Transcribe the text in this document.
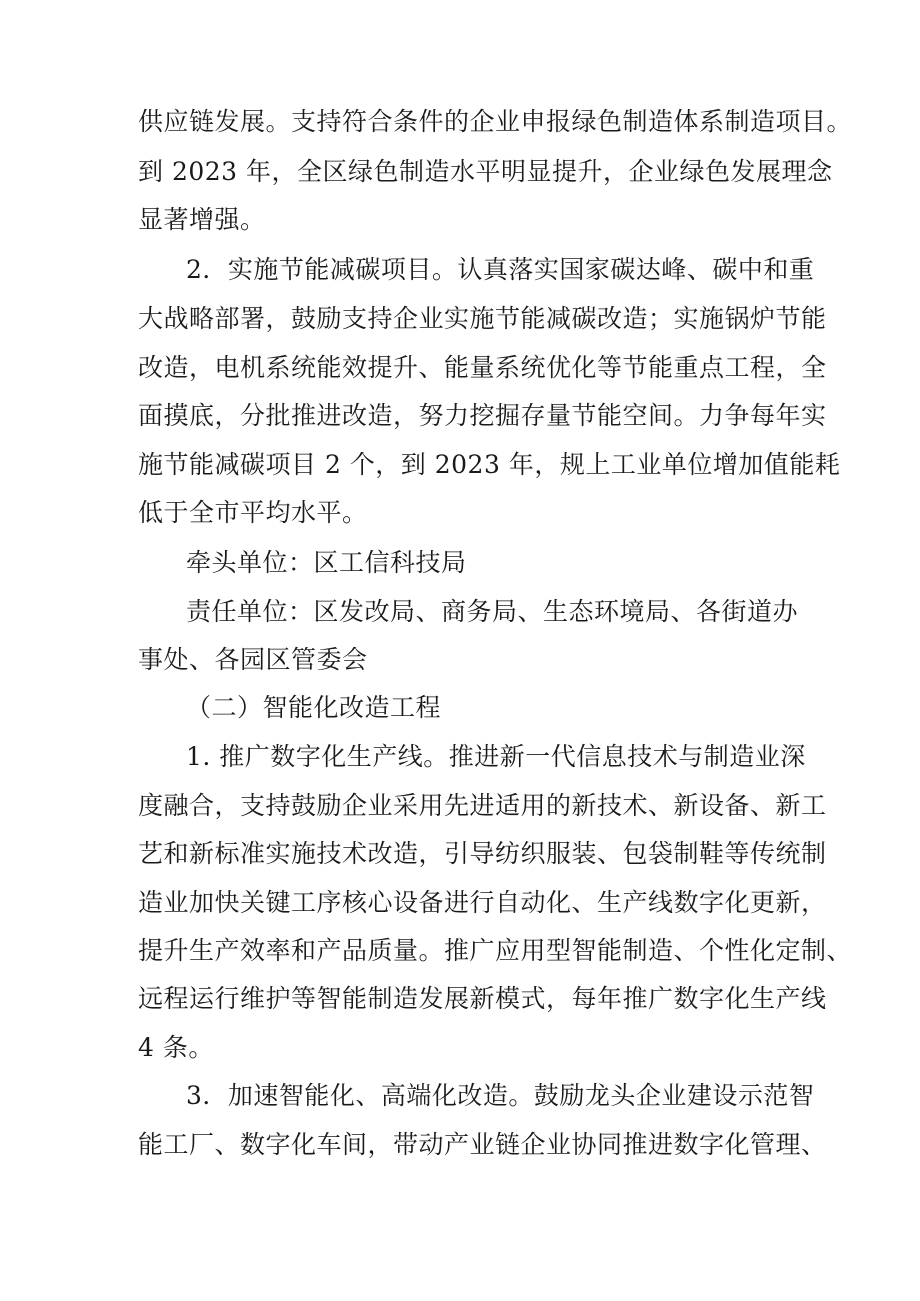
供应链发展。支持符合条件的企业申报绿色制造体系制造项目。
到 2023 年，全区绿色制造水平明显提升，企业绿色发展理念
显著增强。
2．实施节能减碳项目。认真落实国家碳达峰、碳中和重
大战略部署，鼓励支持企业实施节能减碳改造；实施锅炉节能
改造，电机系统能效提升、能量系统优化等节能重点工程，全
面摸底，分批推进改造，努力挖掘存量节能空间。力争每年实
施节能减碳项目 2 个，到 2023 年，规上工业单位增加值能耗
低于全市平均水平。
牵头单位：区工信科技局
责任单位：区发改局、商务局、生态环境局、各街道办
事处、各园区管委会
（二）智能化改造工程
1. 推广数字化生产线。推进新一代信息技术与制造业深
度融合，支持鼓励企业采用先进适用的新技术、新设备、新工
艺和新标准实施技术改造，引导纺织服装、包袋制鞋等传统制
造业加快关键工序核心设备进行自动化、生产线数字化更新，
提升生产效率和产品质量。推广应用型智能制造、个性化定制、
远程运行维护等智能制造发展新模式，每年推广数字化生产线
4 条。
3．加速智能化、高端化改造。鼓励龙头企业建设示范智
能工厂、数字化车间，带动产业链企业协同推进数字化管理、
